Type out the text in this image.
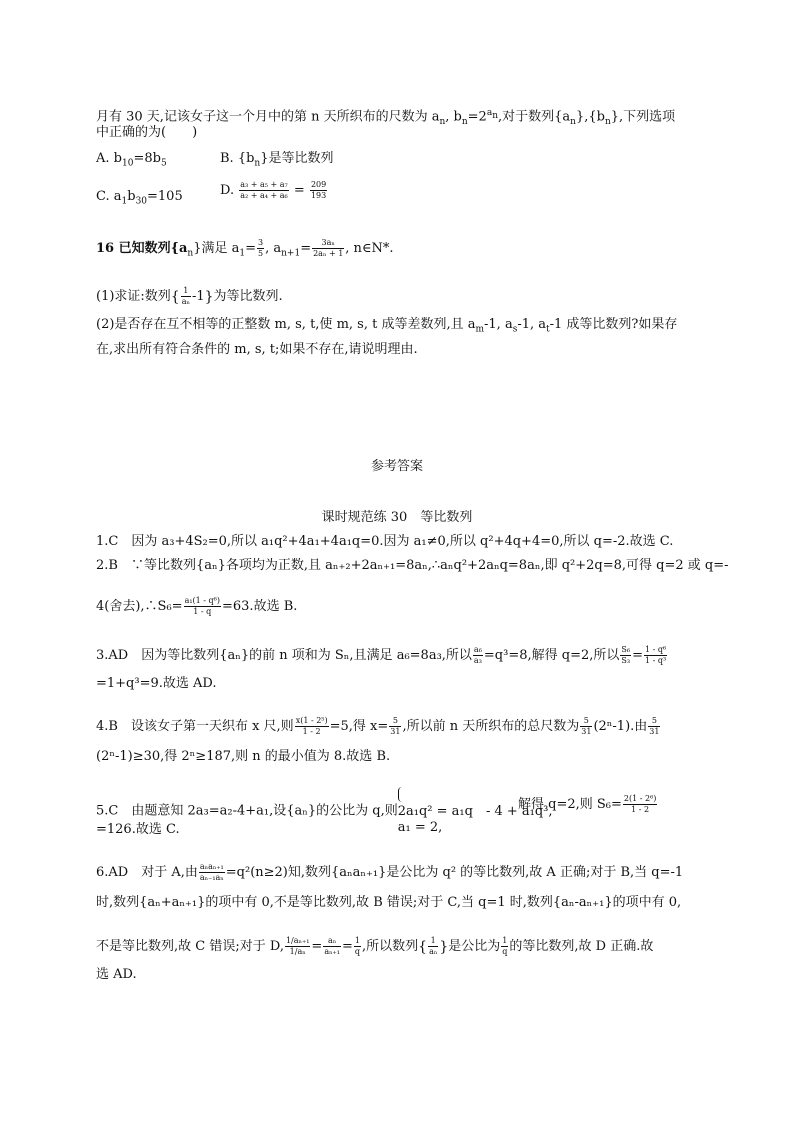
月有 30 天,记该女子这一个月中的第 n 天所织布的尺数为 $a_n$, $b_n=2^{a_n}$,对于数列$\{a_n\},\{b_n\}$,下列选项
中正确的为(　　)
A. $b_{10}=8b_5$	B. $\{b_n\}$是等比数列
C. $a_1b_{30}=105$	D. $\frac{\text{a₃ + a₅ + a₇}}{\text{a₂ + a₄ + a₆}} = \frac{209}{193}$
16 已知数列$\{a_n\}$满足 $a_1= \frac{3}{5}$ , $a_{n+1}= \frac{\text{3aₙ}}{\text{2aₙ + 1}}$ , n∈N*.
(1)求证:数列{ $\frac{1}{\text{aₙ}} -1$}为等比数列.
(2)是否存在互不相等的正整数 m, s, t,使 m, s, t 成等差数列,且 $a_m-1$, $a_s-1$, $a_t-1$ 成等比数列?如果存
在,求出所有符合条件的 m, s, t;如果不存在,请说明理由.
参考答案
课时规范练 30　等比数列
1.C　因为 a₃+4S₂=0,所以 a₁q²+4a₁+4a₁q=0.因为 a₁≠0,所以 q²+4q+4=0,所以 q=-2.故选 C.
2.B　∵等比数列{aₙ}各项均为正数,且 aₙ₊₂+2aₙ₊₁=8aₙ,∴aₙq²+2aₙq=8aₙ,即 q²+2q=8,可得 q=2 或 q=-
4(舍去),∴S₆= $\frac{\text{a₁(1 - q⁶)}}{1 - q} =63$.故选 B.
3.AD　因为等比数列{aₙ}的前 n 项和为 Sₙ,且满足 a₆=8a₃,所以 $\frac{\text{a₆}}{\text{a₃}} =q^3=8$,解得 q=2,所以 $\frac{\text{S₆}}{\text{S₃}} = \frac{\text{1 - q⁶}}{\text{1 - q³}}$
=1+q³=9.故选 AD.
4.B　设该女子第一天织布 x 尺,则 $\frac{\text{x(1 - 2⁵)}}{1 - 2} =5$,得 $x= \frac{5}{31}$ ,所以前 n 天所织布的总尺数为 $\frac{5}{31} (2^n-1)$.由 $\frac{5}{31}$
(2ⁿ-1)≥30,得 2ⁿ≥187,则 n 的最小值为 8.故选 B.
5.C　由题意知 2a₃=a₂-4+a₁,设{aₙ}的公比为 q,则 2a₁q² = a₁q　- 4 + a₁q³,
a₁ = 2,
解得 q=2,则 $S_6= \frac{\text{2(1 - 2⁶)}}{1 - 2}$
=126.故选 C.
6.AD　对于 A,由 $\frac{\text{aₙaₙ₊₁}}{\text{aₙ₋₁aₙ}} =q^2(n\ge 2)$知,数列{aₙaₙ₊₁}是公比为 q² 的等比数列,故 A 正确;对于 B,当 q=-1
时,数列{aₙ+aₙ₊₁}的项中有 0,不是等比数列,故 B 错误;对于 C,当 q=1 时,数列{aₙ-aₙ₊₁}的项中有 0,
不是等比数列,故 C 错误;对于 D, $\frac{\text{1/aₙ₊₁}}{\text{1/aₙ}} = \frac{\text{aₙ}}{\text{aₙ₊₁}} = \frac{1}{q}$ ,所以数列{ $\frac{1}{\text{aₙ}}$ }是公比为 $\frac{1}{q}$ 的等比数列,故 D 正确.故
选 AD.
